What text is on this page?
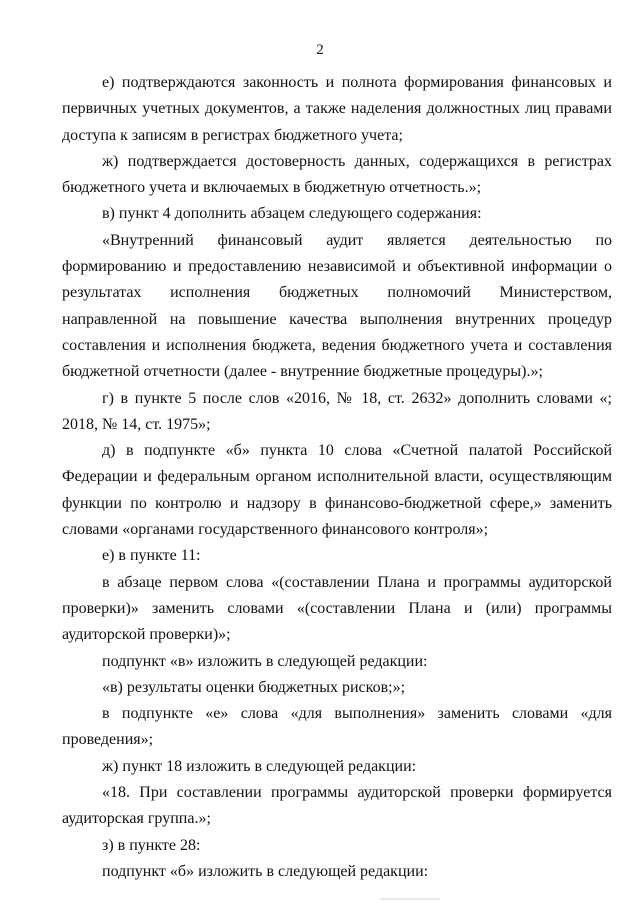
2

е) подтверждаются законность и полнота формирования финансовых и первичных учетных документов, а также наделения должностных лиц правами доступа к записям в регистрах бюджетного учета;

ж) подтверждается достоверность данных, содержащихся в регистрах бюджетного учета и включаемых в бюджетную отчетность.»;

в) пункт 4 дополнить абзацем следующего содержания:

«Внутренний финансовый аудит является деятельностью по формированию и предоставлению независимой и объективной информации о результатах исполнения бюджетных полномочий Министерством, направленной на повышение качества выполнения внутренних процедур составления и исполнения бюджета, ведения бюджетного учета и составления бюджетной отчетности (далее - внутренние бюджетные процедуры).»;

г) в пункте 5 после слов «2016, № 18, ст. 2632» дополнить словами «; 2018, № 14, ст. 1975»;

д) в подпункте «б» пункта 10 слова «Счетной палатой Российской Федерации и федеральным органом исполнительной власти, осуществляющим функции по контролю и надзору в финансово-бюджетной сфере,» заменить словами «органами государственного финансового контроля»;

е) в пункте 11:

в абзаце первом слова «(составлении Плана и программы аудиторской проверки)» заменить словами «(составлении Плана и (или) программы аудиторской проверки)»;

подпункт «в» изложить в следующей редакции:

«в) результаты оценки бюджетных рисков;»;

в подпункте «е» слова «для выполнения» заменить словами «для проведения»;

ж) пункт 18 изложить в следующей редакции:

«18. При составлении программы аудиторской проверки формируется аудиторская группа.»;

з) в пункте 28:

подпункт «б» изложить в следующей редакции:
